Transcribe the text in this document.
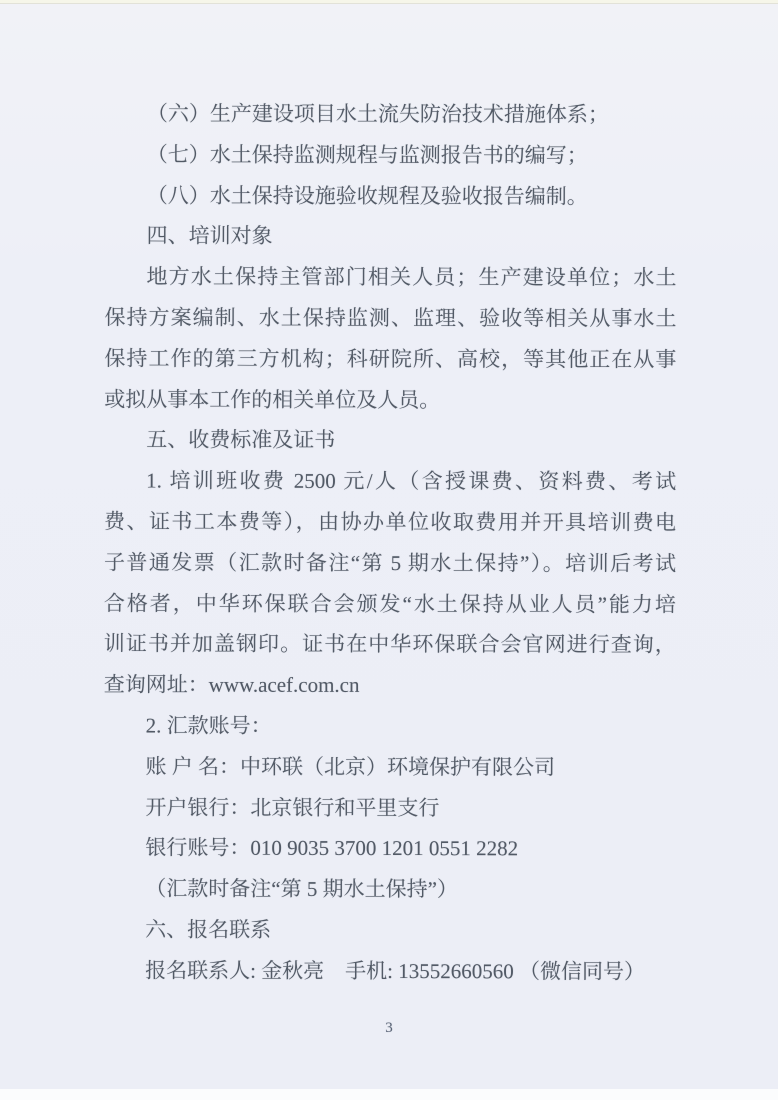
（六）生产建设项目水土流失防治技术措施体系；
（七）水土保持监测规程与监测报告书的编写；
（八）水土保持设施验收规程及验收报告编制。
四、培训对象
地方水土保持主管部门相关人员；生产建设单位；水土
保持方案编制、水土保持监测、监理、验收等相关从事水土
保持工作的第三方机构；科研院所、高校，等其他正在从事
或拟从事本工作的相关单位及人员。
五、收费标准及证书
1. 培训班收费 2500 元/人（含授课费、资料费、考试
费、证书工本费等），由协办单位收取费用并开具培训费电
子普通发票（汇款时备注“第 5 期水土保持”）。培训后考试
合格者，中华环保联合会颁发“水土保持从业人员”能力培
训证书并加盖钢印。证书在中华环保联合会官网进行查询，
查询网址：www.acef.com.cn
2. 汇款账号：
账 户 名：中环联（北京）环境保护有限公司
开户银行：北京银行和平里支行
银行账号：010 9035 3700 1201 0551 2282
（汇款时备注“第 5 期水土保持”）
六、报名联系
报名联系人: 金秋亮　手机: 13552660560 （微信同号）
3
